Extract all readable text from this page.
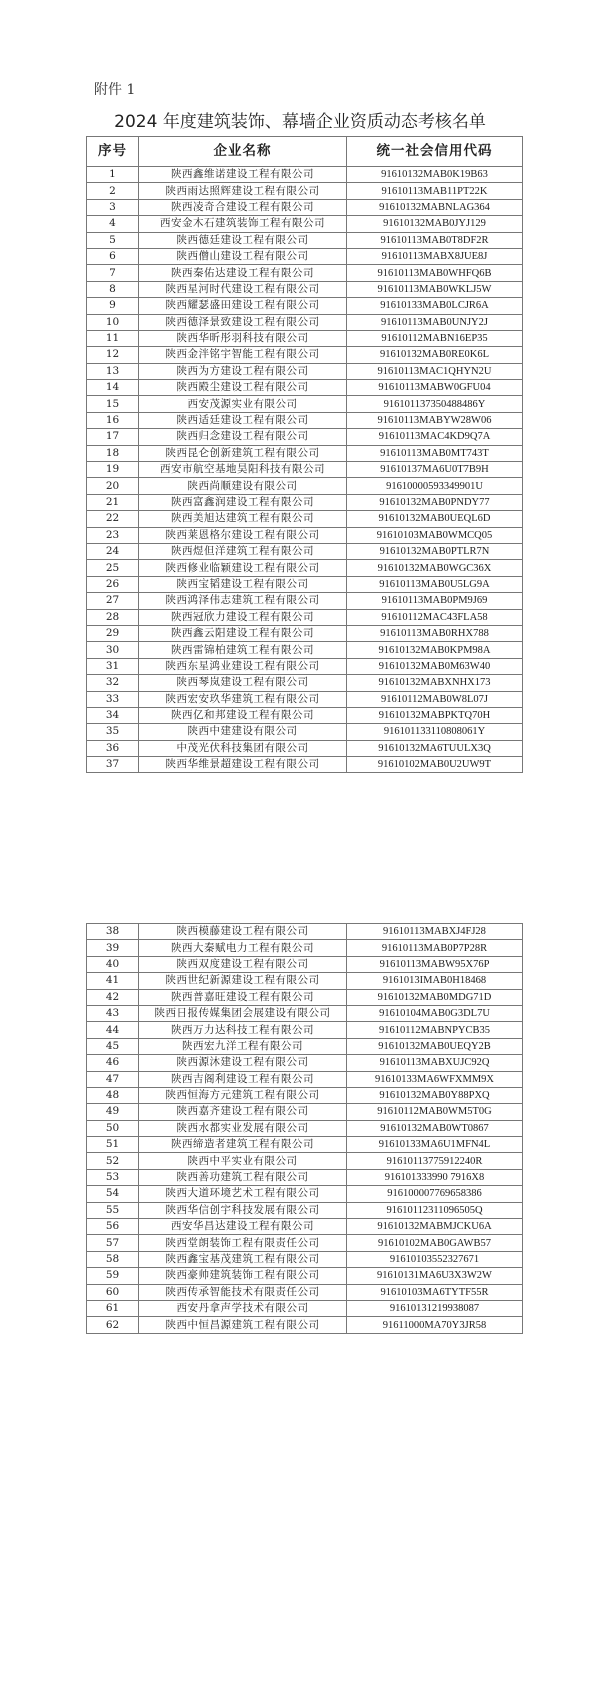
附件 1
2024 年度建筑装饰、幕墙企业资质动态考核名单
序号	企业名称	统一社会信用代码
1	陕西鑫维诺建设工程有限公司	91610132MAB0K19B63
2	陕西雨达照辉建设工程有限公司	91610113MAB11PT22K
3	陕西凌奇合建设工程有限公司	91610132MABNLAG364
4	西安金木石建筑装饰工程有限公司	91610132MAB0JYJ129
5	陕西德廷建设工程有限公司	91610113MAB0T8DF2R
6	陕西僧山建设工程有限公司	91610113MABX8JUE8J
7	陕西秦佑达建设工程有限公司	91610113MAB0WHFQ6B
8	陕西星河时代建设工程有限公司	91610113MAB0WKLJ5W
9	陕西耀瑟盛田建设工程有限公司	91610133MAB0LCJR6A
10	陕西德泽景致建设工程有限公司	91610113MAB0UNJY2J
11	陕西华昕彤羽科技有限公司	91610112MABN16EP35
12	陕西金泮铭宇智能工程有限公司	91610132MAB0RE0K6L
13	陕西为方建设工程有限公司	91610113MAC1QHYN2U
14	陕西殿尘建设工程有限公司	91610113MABW0GFU04
15	西安茂源实业有限公司	916101137350488486Y
16	陕西适廷建设工程有限公司	91610113MABYW28W06
17	陕西归念建设工程有限公司	91610113MAC4KD9Q7A
18	陕西昆仑创新建筑工程有限公司	91610113MAB0MT743T
19	西安市航空基地昊阳科技有限公司	91610137MA6U0T7B9H
20	陕西尚顺建设有限公司	91610000593349901U
21	陕西富鑫润建设工程有限公司	91610132MAB0PNDY77
22	陕西美旭达建筑工程有限公司	91610132MAB0UEQL6D
23	陕西莱恩格尔建设工程有限公司	91610103MAB0WMCQ05
24	陕西煜但洋建筑工程有限公司	91610132MAB0PTLR7N
25	陕西修业临颖建设工程有限公司	91610132MAB0WGC36X
26	陕西宝韬建设工程有限公司	91610113MAB0U5LG9A
27	陕西鸿泽伟志建筑工程有限公司	91610113MAB0PM9J69
28	陕西冠欣力建设工程有限公司	91610112MAC43FLA58
29	陕西鑫云阳建设工程有限公司	91610113MAB0RHX788
30	陕西雷锦柏建筑工程有限公司	91610132MAB0KPM98A
31	陕西东星鸿业建设工程有限公司	91610132MAB0M63W40
32	陕西琴岚建设工程有限公司	91610132MABXNHX173
33	陕西宏安玖华建筑工程有限公司	91610112MAB0W8L07J
34	陕西亿和邦建设工程有限公司	91610132MABPKTQ70H
35	陕西中建建设有限公司	916101133110808061Y
36	中茂光伏科技集团有限公司	91610132MA6TUULX3Q
37	陕西华维景超建设工程有限公司	91610102MAB0U2UW9T
38	陕西模藤建设工程有限公司	91610113MABXJ4FJ28
39	陕西大秦赋电力工程有限公司	91610113MAB0P7P28R
40	陕西双度建设工程有限公司	91610113MABW95X76P
41	陕西世纪新源建设工程有限公司	9161013IMAB0H18468
42	陕西普嘉旺建设工程有限公司	91610132MAB0MDG71D
43	陕西日报传媒集团会展建设有限公司	91610104MAB0G3DL7U
44	陕西万力达科技工程有限公司	91610112MABNPYCB35
45	陕西宏九洋工程有限公司	91610132MAB0UEQY2B
46	陕西源沐建设工程有限公司	91610113MABXUJC92Q
47	陕西吉阁利建设工程有限公司	91610133MA6WFXMM9X
48	陕西恒海方元建筑工程有限公司	91610132MAB0Y88PXQ
49	陕西嘉齐建设工程有限公司	91610112MAB0WM5T0G
50	陕西水都实业发展有限公司	91610132MAB0WT0867
51	陕西缔造者建筑工程有限公司	91610133MA6U1MFN4L
52	陕西中平实业有限公司	91610113775912240R
53	陕西善功建筑工程有限公司	916101333990 7916X8
54	陕西大道环境艺术工程有限公司	916100007769658386
55	陕西华信创宇科技发展有限公司	91610112311096505Q
56	西安华昌达建设工程有限公司	91610132MABMJCKU6A
57	陕西堂朗装饰工程有限责任公司	91610102MAB0GAWB57
58	陕西鑫宝基茂建筑工程有限公司	91610103552327671
59	陕西豪帅建筑装饰工程有限公司	91610131MA6U3X3W2W
60	陕西传承智能技术有限责任公司	91610103MA6TYTF55R
61	西安丹拿声学技术有限公司	91610131219938087
62	陕西中恒昌源建筑工程有限公司	91611000MA70Y3JR58
